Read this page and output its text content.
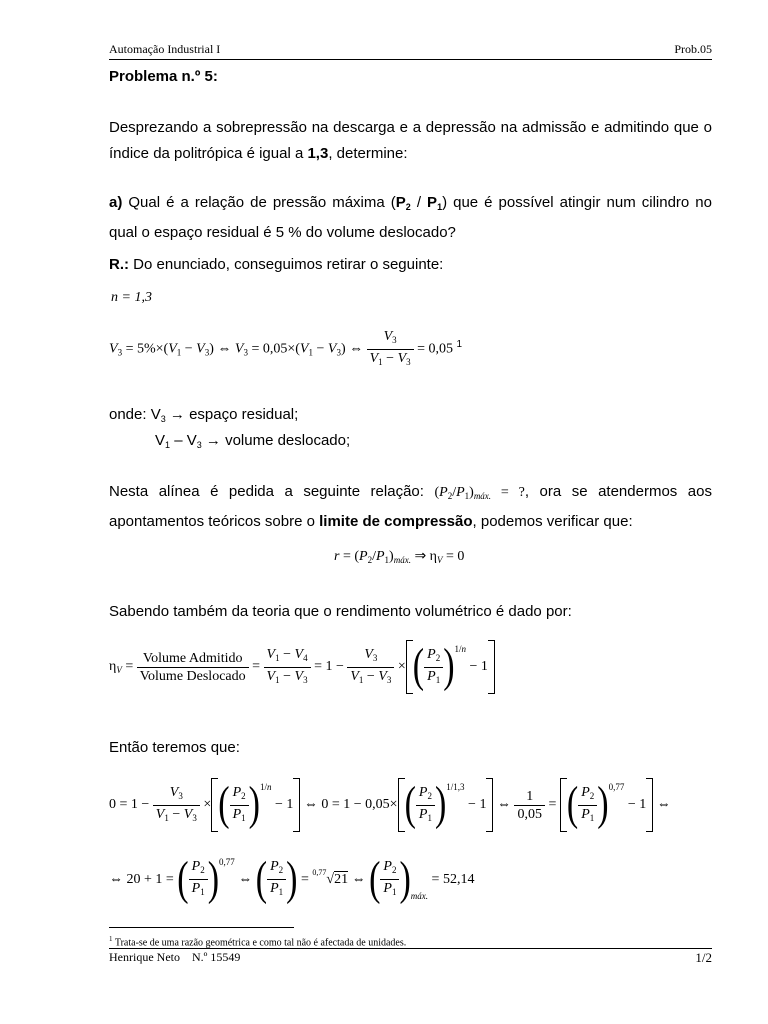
Automação Industrial I	Prob.05
Problema n.º 5:
Desprezando a sobrepressão na descarga e a depressão na admissão e admitindo que o índice da politrópica é igual a 1,3, determine:
a) Qual é a relação de pressão máxima $(P_2 / P_1)$ que é possível atingir num cilindro no qual o espaço residual é 5 % do volume deslocado?
R.: Do enunciado, conseguimos retirar o seguinte:
n = 1,3
$V_3 = 5\%\times(V_1 - V_3)$ ⇔ $V_3 = 0,05\times(V_1 - V_3)$ ⇔ $\frac{V_3}{V_1 - V_3} = 0,05$ $^1$
onde: $V_3$ → espaço residual;
$V_1 - V_3$ → volume deslocado;
Nesta alínea é pedida a seguinte relação: $(P_2/P_1)_{máx.}$ = ?, ora se atendermos aos apontamentos teóricos sobre o limite de compressão, podemos verificar que:
$r = (P_2/P_1)_{máx.}$ ⇒ $\eta_V = 0$
Sabendo também da teoria que o rendimento volumétrico é dado por:
$\eta_V = \frac{\text{Volume Admitido}}{\text{Volume Deslocado}} = \frac{V_1 - V_4}{V_1 - V_3} = 1 - \frac{V_3}{V_1 - V_3}$ × ( $\frac{P_2}{P_1} )^{1/n} - 1$
Então teremos que:
$0 = 1 - \frac{V_3}{V_1 - V_3}$ × ( $\frac{P_2}{P_1} )^{1/n} - 1$ ⇔ 0 = 1 − 0,05× ( $\frac{P_2}{P_1} )^{1/1,3} - 1$ ⇔ $\frac{1}{0,05}$ = ( $\frac{P_2}{P_1} )^{0,77} - 1$ ⇔
⇔ 20 + 1 = ( $\frac{P_2}{P_1} )^{0,77}$ ⇔ ( $\frac{P_2}{P_1}$ ) = $^{0,77}$√21 ⇔ ( $\frac{P_2}{P_1} )_{máx.} = 52,14$
$^1$ Trata-se de uma razão geométrica e como tal não é afectada de unidades.
Henrique Neto    N.º 15549	1/2
